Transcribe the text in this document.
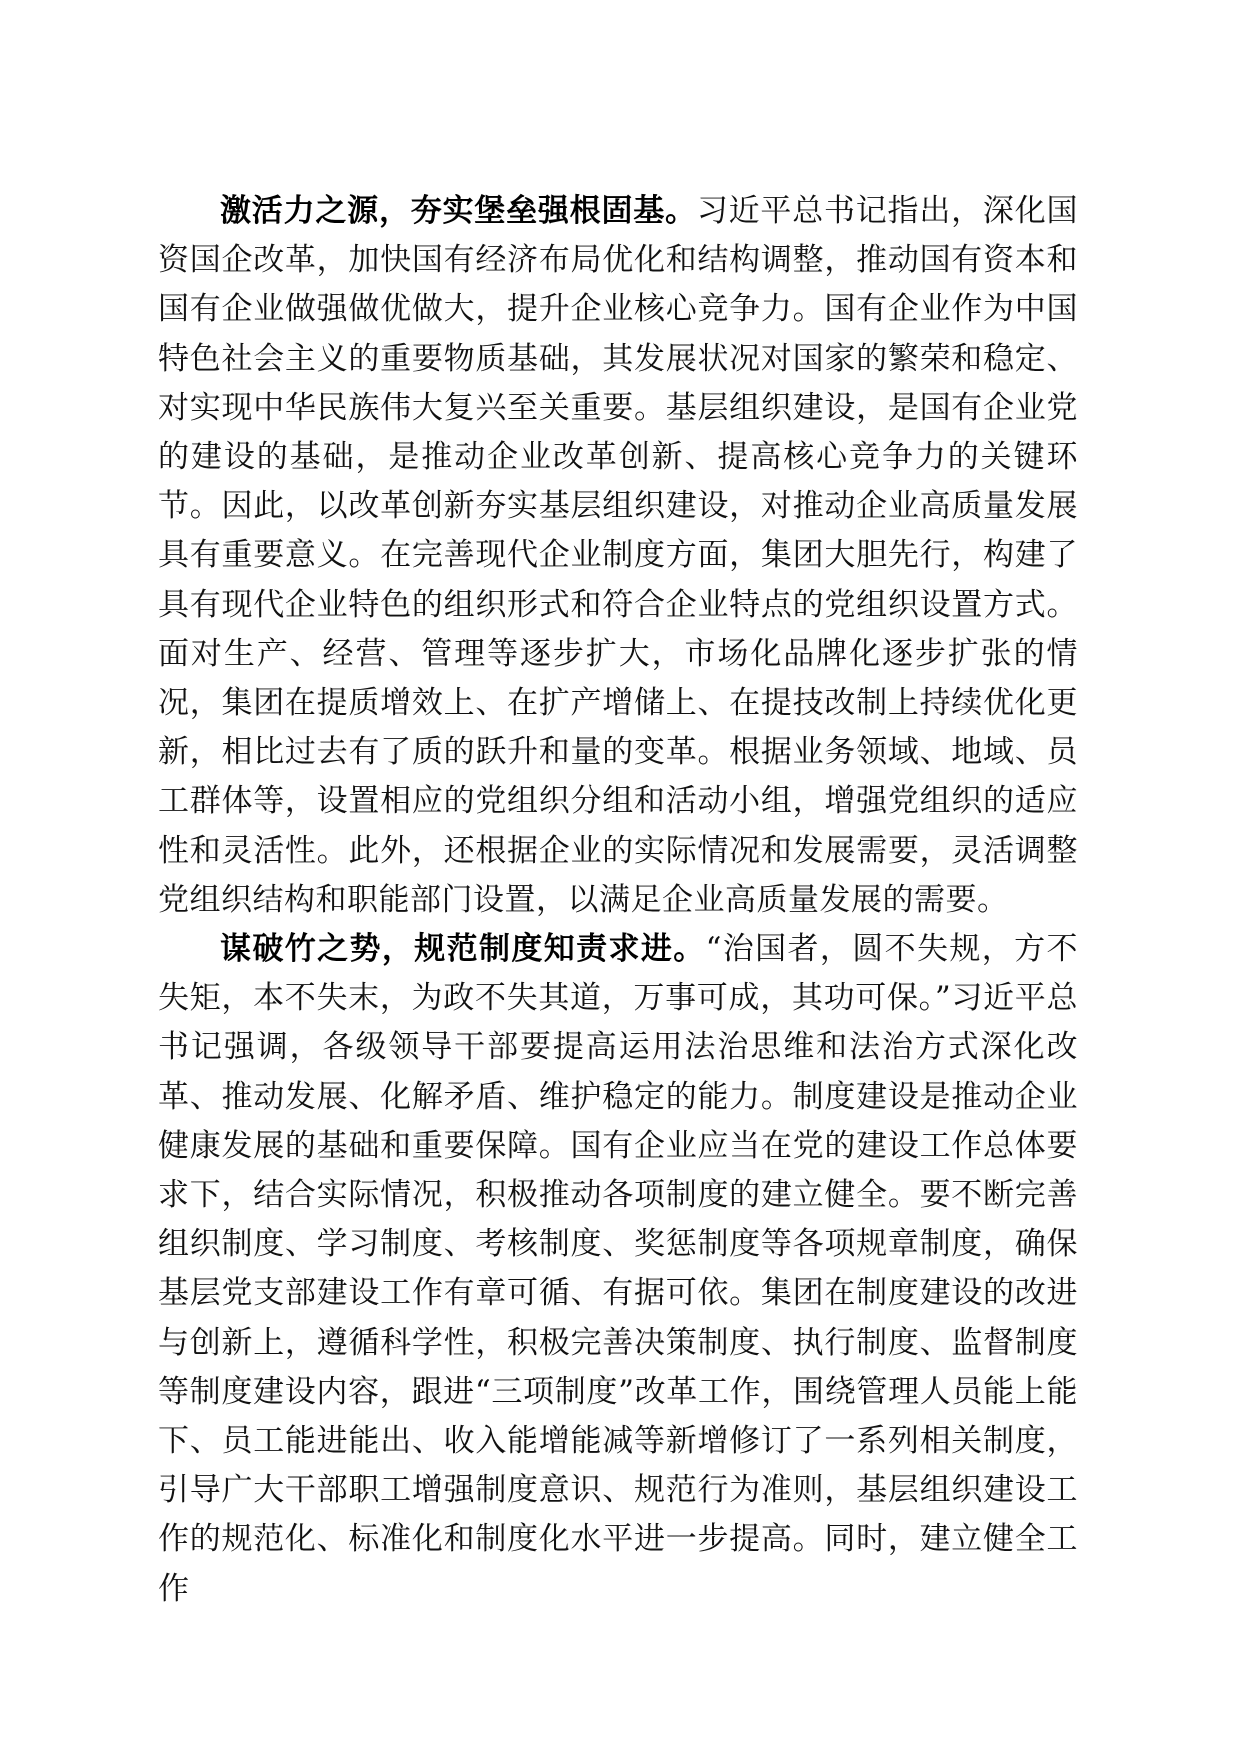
激活力之源，夯实堡垒强根固基。习近平总书记指出，深化国资国企改革，加快国有经济布局优化和结构调整，推动国有资本和国有企业做强做优做大，提升企业核心竞争力。国有企业作为中国特色社会主义的重要物质基础，其发展状况对国家的繁荣和稳定、对实现中华民族伟大复兴至关重要。基层组织建设，是国有企业党的建设的基础，是推动企业改革创新、提高核心竞争力的关键环节。因此，以改革创新夯实基层组织建设，对推动企业高质量发展具有重要意义。在完善现代企业制度方面，集团大胆先行，构建了具有现代企业特色的组织形式和符合企业特点的党组织设置方式。面对生产、经营、管理等逐步扩大，市场化品牌化逐步扩张的情况，集团在提质增效上、在扩产增储上、在提技改制上持续优化更新，相比过去有了质的跃升和量的变革。根据业务领域、地域、员工群体等，设置相应的党组织分组和活动小组，增强党组织的适应性和灵活性。此外，还根据企业的实际情况和发展需要，灵活调整党组织结构和职能部门设置，以满足企业高质量发展的需要。

谋破竹之势，规范制度知责求进。“治国者，圆不失规，方不失矩，本不失末，为政不失其道，万事可成，其功可保。”习近平总书记强调，各级领导干部要提高运用法治思维和法治方式深化改革、推动发展、化解矛盾、维护稳定的能力。制度建设是推动企业健康发展的基础和重要保障。国有企业应当在党的建设工作总体要求下，结合实际情况，积极推动各项制度的建立健全。要不断完善组织制度、学习制度、考核制度、奖惩制度等各项规章制度，确保基层党支部建设工作有章可循、有据可依。集团在制度建设的改进与创新上，遵循科学性，积极完善决策制度、执行制度、监督制度等制度建设内容，跟进“三项制度”改革工作，围绕管理人员能上能下、员工能进能出、收入能增能减等新增修订了一系列相关制度，引导广大干部职工增强制度意识、规范行为准则，基层组织建设工作的规范化、标准化和制度化水平进一步提高。同时，建立健全工作
